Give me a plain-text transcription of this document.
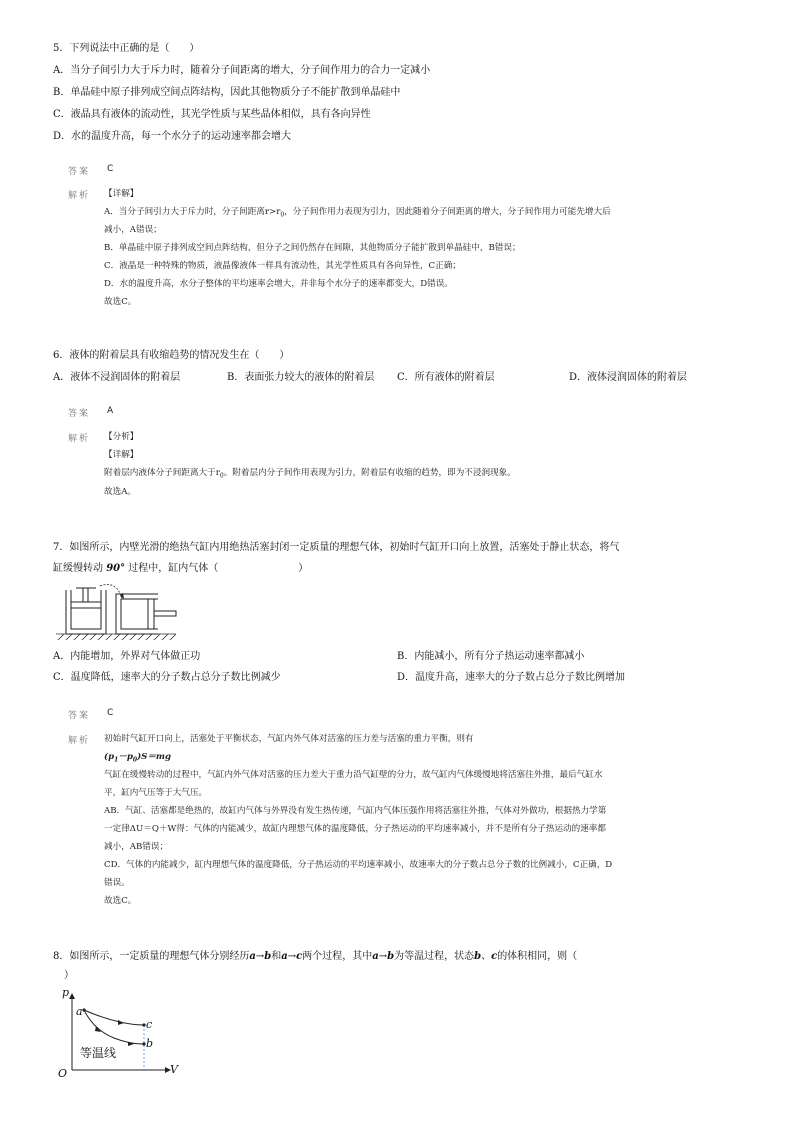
5．下列说法中正确的是（　　）
A．当分子间引力大于斥力时，随着分子间距离的增大，分子间作用力的合力一定减小
B．单晶硅中原子排列成空间点阵结构，因此其他物质分子不能扩散到单晶硅中
C．液晶具有液体的流动性，其光学性质与某些晶体相似，具有各向异性
D．水的温度升高，每一个水分子的运动速率都会增大
答案 C
解析 【详解】
A．当分子间引力大于斥力时，分子间距离$r>r_0$，分子间作用力表现为引力，因此随着分子间距离的增大，分子间作用力可能先增大后
减小，A错误；
B．单晶硅中原子排列成空间点阵结构，但分子之间仍然存在间隙，其他物质分子能扩散到单晶硅中，B错误；
C．液晶是一种特殊的物质，液晶像液体一样具有流动性，其光学性质具有各向异性，C正确；
D．水的温度升高，水分子整体的平均速率会增大，并非每个水分子的速率都变大，D错误。
故选C。
6．液体的附着层具有收缩趋势的情况发生在（　　）
A．液体不浸润固体的附着层	B．表面张力较大的液体的附着层 C．所有液体的附着层	D．液体浸润固体的附着层
答案 A
解析 【分析】
【详解】
附着层内液体分子间距离大于$r_0$。附着层内分子间作用表现为引力，附着层有收缩的趋势，即为不浸润现象。
故选A。
7．如图所示，内壁光滑的绝热气缸内用绝热活塞封闭一定质量的理想气体，初始时气缸开口向上放置，活塞处于静止状态，将气
缸缓慢转动 90° 过程中，缸内气体（　　　　　　　　）
A．内能增加，外界对气体做正功	B．内能减小，所有分子热运动速率都减小
C．温度降低，速率大的分子数占总分子数比例减少	D．温度升高，速率大的分子数占总分子数比例增加
答案 C
解析 初始时气缸开口向上，活塞处于平衡状态，气缸内外气体对活塞的压力差与活塞的重力平衡，则有
$(p_1-p_0)S=mg$
气缸在缓慢转动的过程中，气缸内外气体对活塞的压力差大于重力沿气缸壁的分力，故气缸内气体缓慢地将活塞往外推，最后气缸水
平，缸内气压等于大气压。
AB．气缸、活塞都是绝热的，故缸内气体与外界没有发生热传递，气缸内气体压强作用将活塞往外推，气体对外做功，根据热力学第
一定律ΔU＝Q＋W得：气体的内能减少，故缸内理想气体的温度降低，分子热运动的平均速率减小，并不是所有分子热运动的速率都
减小，AB错误；
CD．气体的内能减少，缸内理想气体的温度降低，分子热运动的平均速率减小，故速率大的分子数占总分子数的比例减小，C正确，D
错误。
故选C。
8．如图所示，一定质量的理想气体分别经历a→b和a→c两个过程，其中a→b为等温过程，状态b、c的体积相同，则（
）
p
V
O
a
c
b
等温线
